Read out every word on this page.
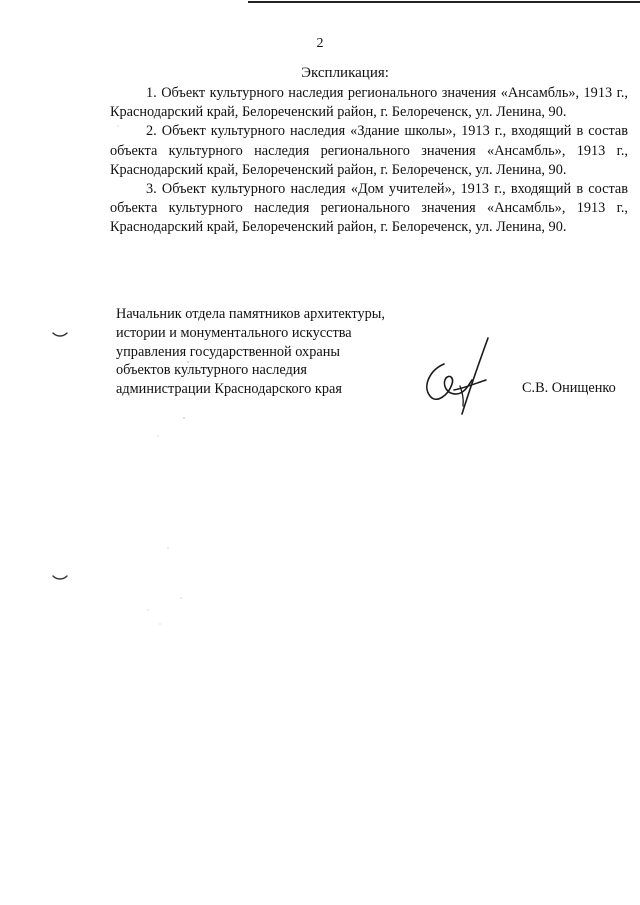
2
Экспликация:

1. Объект культурного наследия регионального значения «Ансамбль», 1913 г., Краснодарский край, Белореченский район, г. Белореченск, ул. Ленина, 90.

2. Объект культурного наследия «Здание школы», 1913 г., входящий в состав объекта культурного наследия регионального значения «Ансамбль», 1913 г., Краснодарский край, Белореченский район, г. Белореченск, ул. Ленина, 90.

3. Объект культурного наследия «Дом учителей», 1913 г., входящий в состав объекта культурного наследия регионального значения «Ансамбль», 1913 г., Краснодарский край, Белореченский район, г. Белореченск, ул. Ленина, 90.

Начальник отдела памятников архитектуры,
истории и монументального искусства
управления государственной охраны
объектов культурного наследия
администрации Краснодарского края	С.В. Онищенко
